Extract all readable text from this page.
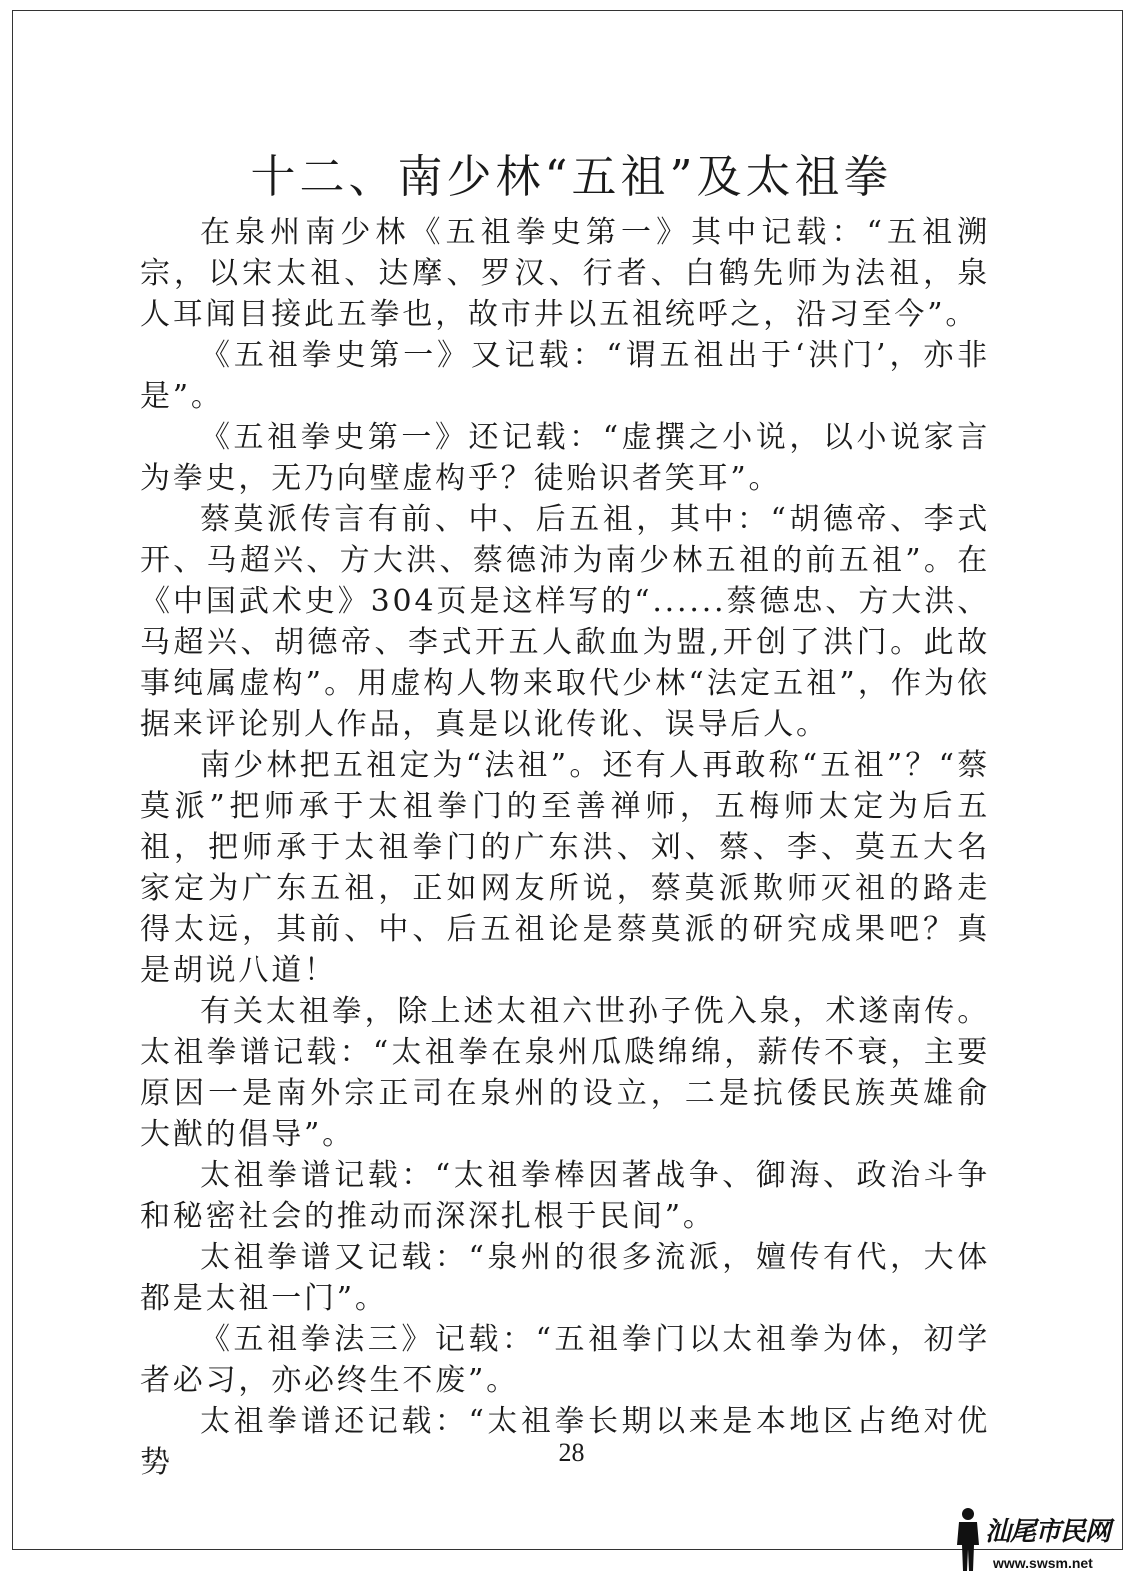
十二、南少林“五祖”及太祖拳

在泉州南少林《五祖拳史第一》其中记载：“五祖溯宗，以宋太祖、达摩、罗汉、行者、白鹤先师为法祖，泉人耳闻目接此五拳也，故市井以五祖统呼之，沿习至今”。

《五祖拳史第一》又记载：“谓五祖出于‘洪门’，亦非是”。

《五祖拳史第一》还记载：“虚撰之小说，以小说家言为拳史，无乃向壁虚构乎？徒贻识者笑耳”。

蔡莫派传言有前、中、后五祖，其中：“胡德帝、李式开、马超兴、方大洪、蔡德沛为南少林五祖的前五祖”。在《中国武术史》304页是这样写的“......蔡德忠、方大洪、马超兴、胡德帝、李式开五人歃血为盟,开创了洪门。此故事纯属虚构”。用虚构人物来取代少林“法定五祖”，作为依据来评论别人作品，真是以讹传讹、误导后人。

南少林把五祖定为“法祖”。还有人再敢称“五祖”？“蔡莫派”把师承于太祖拳门的至善禅师，五梅师太定为后五祖，把师承于太祖拳门的广东洪、刘、蔡、李、莫五大名家定为广东五祖，正如网友所说，蔡莫派欺师灭祖的路走得太远，其前、中、后五祖论是蔡莫派的研究成果吧？真是胡说八道！

有关太祖拳，除上述太祖六世孙子侁入泉，术遂南传。太祖拳谱记载：“太祖拳在泉州瓜瓞绵绵，薪传不衰，主要原因一是南外宗正司在泉州的设立，二是抗倭民族英雄俞大猷的倡导”。

太祖拳谱记载：“太祖拳棒因著战争、御海、政治斗争和秘密社会的推动而深深扎根于民间”。

太祖拳谱又记载：“泉州的很多流派，嬗传有代，大体都是太祖一门”。

《五祖拳法三》记载：“五祖拳门以太祖拳为体，初学者必习，亦必终生不废”。

太祖拳谱还记载：“太祖拳长期以来是本地区占绝对优势	28
汕尾市民网
www.swsm.net
